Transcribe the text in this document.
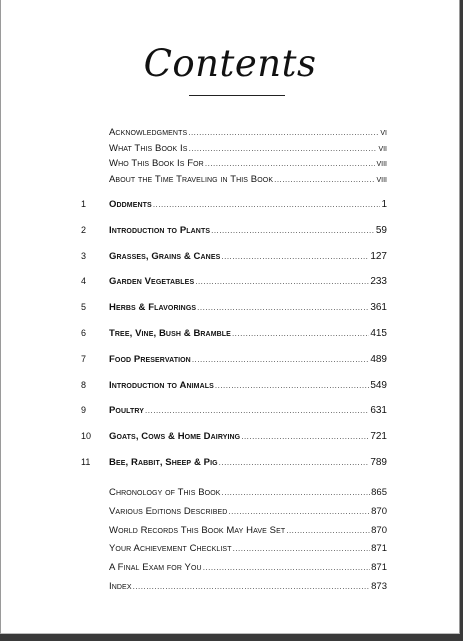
Contents
Acknowledgments .....	vi
What This Book Is .....	vii
Who This Book Is For .....	viii
About the Time Traveling in This Book .....	viii
1	Oddments .....	1
2	Introduction to Plants .....	59
3	Grasses, Grains & Canes .....	127
4	Garden Vegetables .....	233
5	Herbs & Flavorings .....	361
6	Tree, Vine, Bush & Bramble .....	415
7	Food Preservation .....	489
8	Introduction to Animals .....	549
9	Poultry .....	631
10	Goats, Cows & Home Dairying .....	721
11	Bee, Rabbit, Sheep & Pig .....	789
Chronology of This Book .....	865
Various Editions Described .....	870
World Records This Book May Have Set .....	870
Your Achievement Checklist .....	871
A Final Exam for You .....	871
Index .....	873
